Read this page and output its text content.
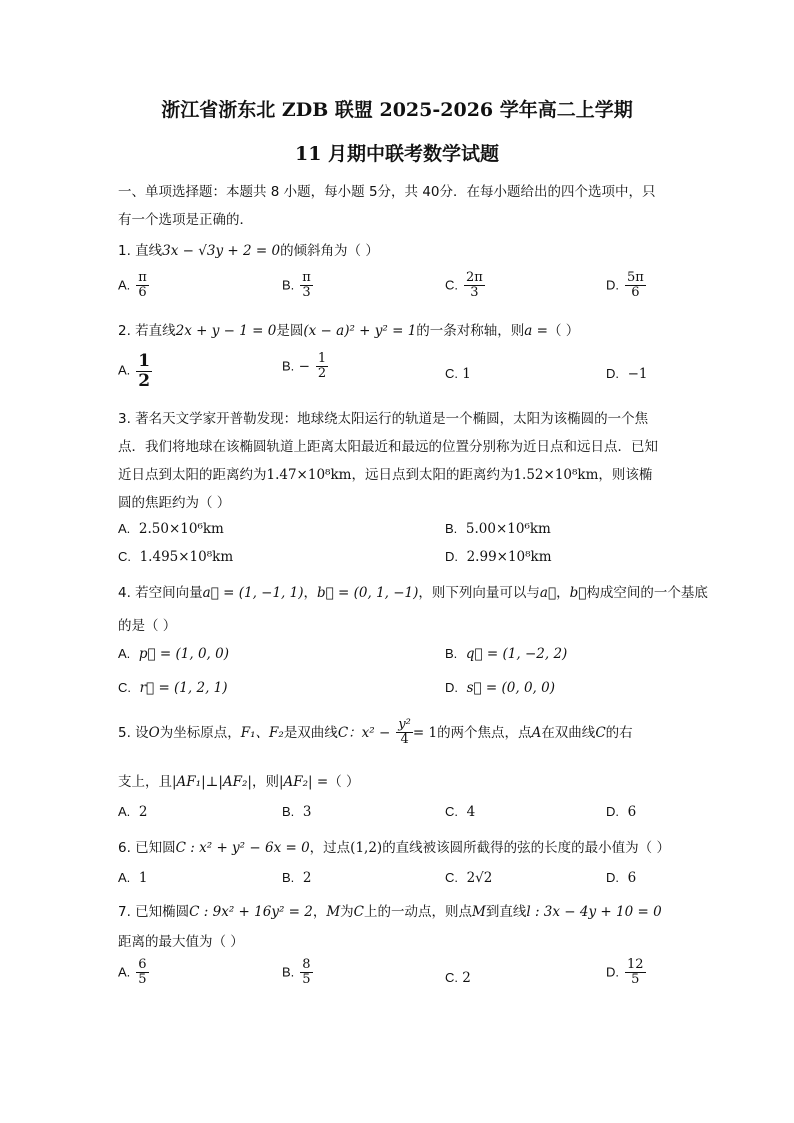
浙江省浙东北 ZDB 联盟 2025-2026 学年高二上学期
11 月期中联考数学试题
一、单项选择题：本题共 8 小题，每小题 5分，共 40分．在每小题给出的四个选项中，只
有一个选项是正确的．
1. 直线3x − √3y + 2 = 0的倾斜角为（ ）
A. $\frac{\pi}{6}$	B. $\frac{\pi}{3}$	C. $\frac{2\pi}{3}$	D. $\frac{5\pi}{6}$
2. 若直线2x + y − 1 = 0是圆(x − a)² + y² = 1的一条对称轴，则a =（ ）
A. $\frac{1}{2}$	B. − $\frac{1}{2}$	C. 1	D. −1
3. 著名天文学家开普勒发现：地球绕太阳运行的轨道是一个椭圆，太阳为该椭圆的一个焦
点．我们将地球在该椭圆轨道上距离太阳最近和最远的位置分别称为近日点和远日点．已知
近日点到太阳的距离约为1.47×10⁸km，远日点到太阳的距离约为1.52×10⁸km，则该椭
圆的焦距约为（ ）
A. 2.50×10⁶km	B. 5.00×10⁶km
C. 1.495×10⁸km	D. 2.99×10⁸km
4. 若空间向量a⃗ = (1, −1, 1)，b⃗ = (0, 1, −1)，则下列向量可以与a⃗，b⃗构成空间的一个基底
的是（ ）
A. p⃗ = (1, 0, 0)	B. q⃗ = (1, −2, 2)
C. r⃗ = (1, 2, 1)	D. s⃗ = (0, 0, 0)
5. 设O为坐标原点，F₁、F₂是双曲线C：$x^2 - \frac{\text{y²}}{4} = 1$的两个焦点，点A在双曲线C的右
支上，且|AF₁|⊥|AF₂|，则|AF₂| =（ ）
A. 2	B. 3	C. 4	D. 6
6. 已知圆C : x² + y² − 6x = 0，过点(1,2)的直线被该圆所截得的弦的长度的最小值为（ ）
A. 1	B. 2	C. 2√2	D. 6
7. 已知椭圆C : 9x² + 16y² = 2，M为C上的一动点，则点M到直线l : 3x − 4y + 10 = 0
距离的最大值为（ ）
A. $\frac{6}{5}$	B. $\frac{8}{5}$	C. 2	D. $\frac{12}{5}$
